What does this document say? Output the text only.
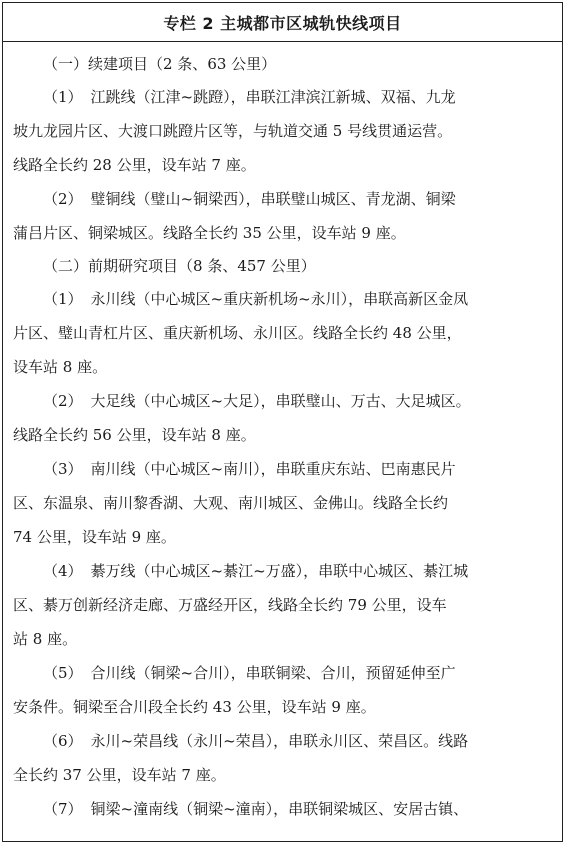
专栏 2 主城都市区城轨快线项目
（一）续建项目（2 条、63 公里）

（1） 江跳线（江津~跳蹬），串联江津滨江新城、双福、九龙

坡九龙园片区、大渡口跳蹬片区等，与轨道交通 5 号线贯通运营。

线路全长约 28 公里，设车站 7 座。

（2） 璧铜线（璧山~铜梁西），串联璧山城区、青龙湖、铜梁

蒲吕片区、铜梁城区。线路全长约 35 公里，设车站 9 座。

（二）前期研究项目（8 条、457 公里）

（1） 永川线（中心城区~重庆新机场~永川），串联高新区金凤

片区、璧山青杠片区、重庆新机场、永川区。线路全长约 48 公里，

设车站 8 座。

（2） 大足线（中心城区~大足），串联璧山、万古、大足城区。

线路全长约 56 公里，设车站 8 座。

（3） 南川线（中心城区~南川），串联重庆东站、巴南惠民片

区、东温泉、南川黎香湖、大观、南川城区、金佛山。线路全长约

74 公里，设车站 9 座。

（4） 綦万线（中心城区~綦江~万盛），串联中心城区、綦江城

区、綦万创新经济走廊、万盛经开区，线路全长约 79 公里，设车

站 8 座。

（5） 合川线（铜梁~合川），串联铜梁、合川，预留延伸至广

安条件。铜梁至合川段全长约 43 公里，设车站 9 座。

（6） 永川~荣昌线（永川~荣昌），串联永川区、荣昌区。线路

全长约 37 公里，设车站 7 座。

（7） 铜梁~潼南线（铜梁~潼南），串联铜梁城区、安居古镇、
